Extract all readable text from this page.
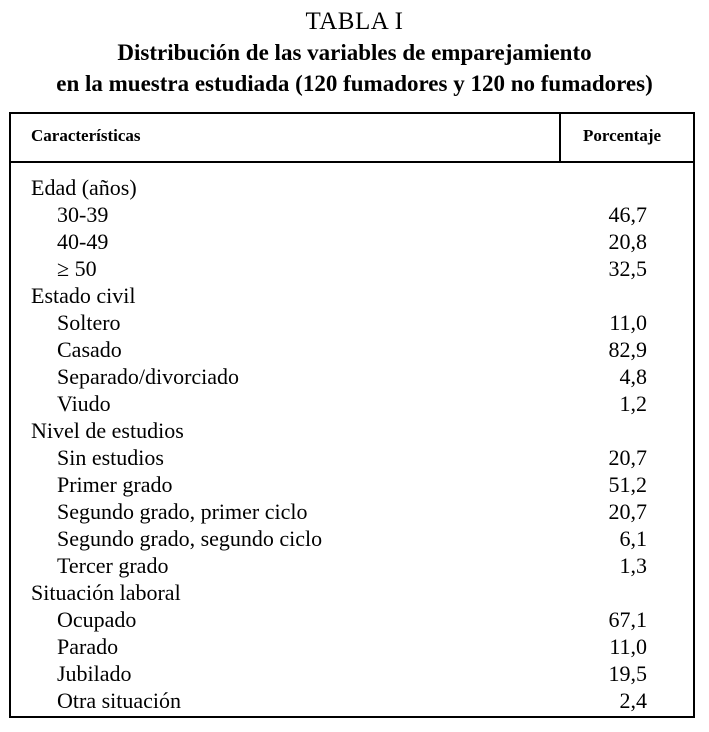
TABLA I
Distribución de las variables de emparejamiento
en la muestra estudiada (120 fumadores y 120 no fumadores)
Características	Porcentaje
Edad (años)
30-39	46,7
40-49	20,8
≥ 50	32,5
Estado civil
Soltero	11,0
Casado	82,9
Separado/divorciado	4,8
Viudo	1,2
Nivel de estudios
Sin estudios	20,7
Primer grado	51,2
Segundo grado, primer ciclo	20,7
Segundo grado, segundo ciclo	6,1
Tercer grado	1,3
Situación laboral
Ocupado	67,1
Parado	11,0
Jubilado	19,5
Otra situación	2,4
